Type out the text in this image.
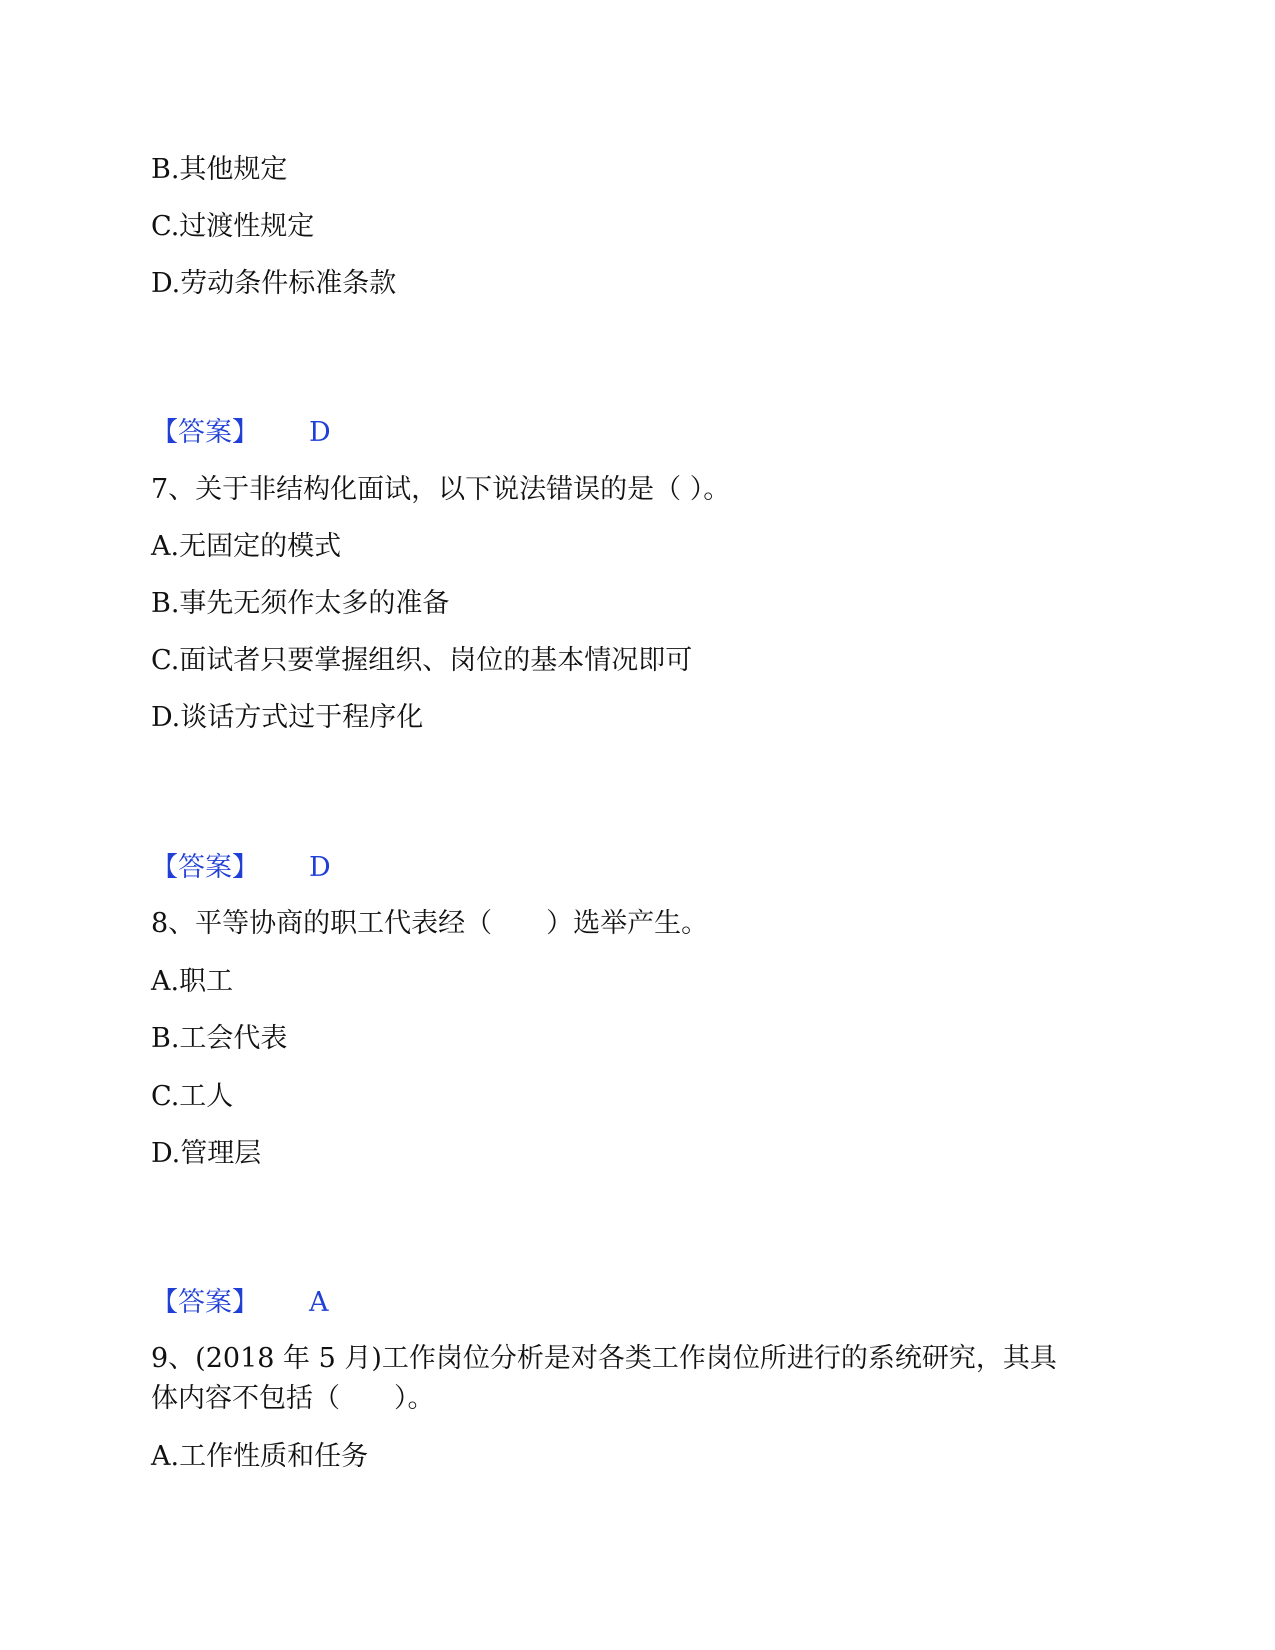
B.其他规定
C.过渡性规定
D.劳动条件标准条款
【答案】 D
7、关于非结构化面试，以下说法错误的是（ ）。
A.无固定的模式
B.事先无须作太多的准备
C.面试者只要掌握组织、岗位的基本情况即可
D.谈话方式过于程序化
【答案】 D
8、平等协商的职工代表经（　　）选举产生。
A.职工
B.工会代表
C.工人
D.管理层
【答案】 A
9、(2018 年 5 月)工作岗位分析是对各类工作岗位所进行的系统研究，其具
体内容不包括（　　）。
A.工作性质和任务
